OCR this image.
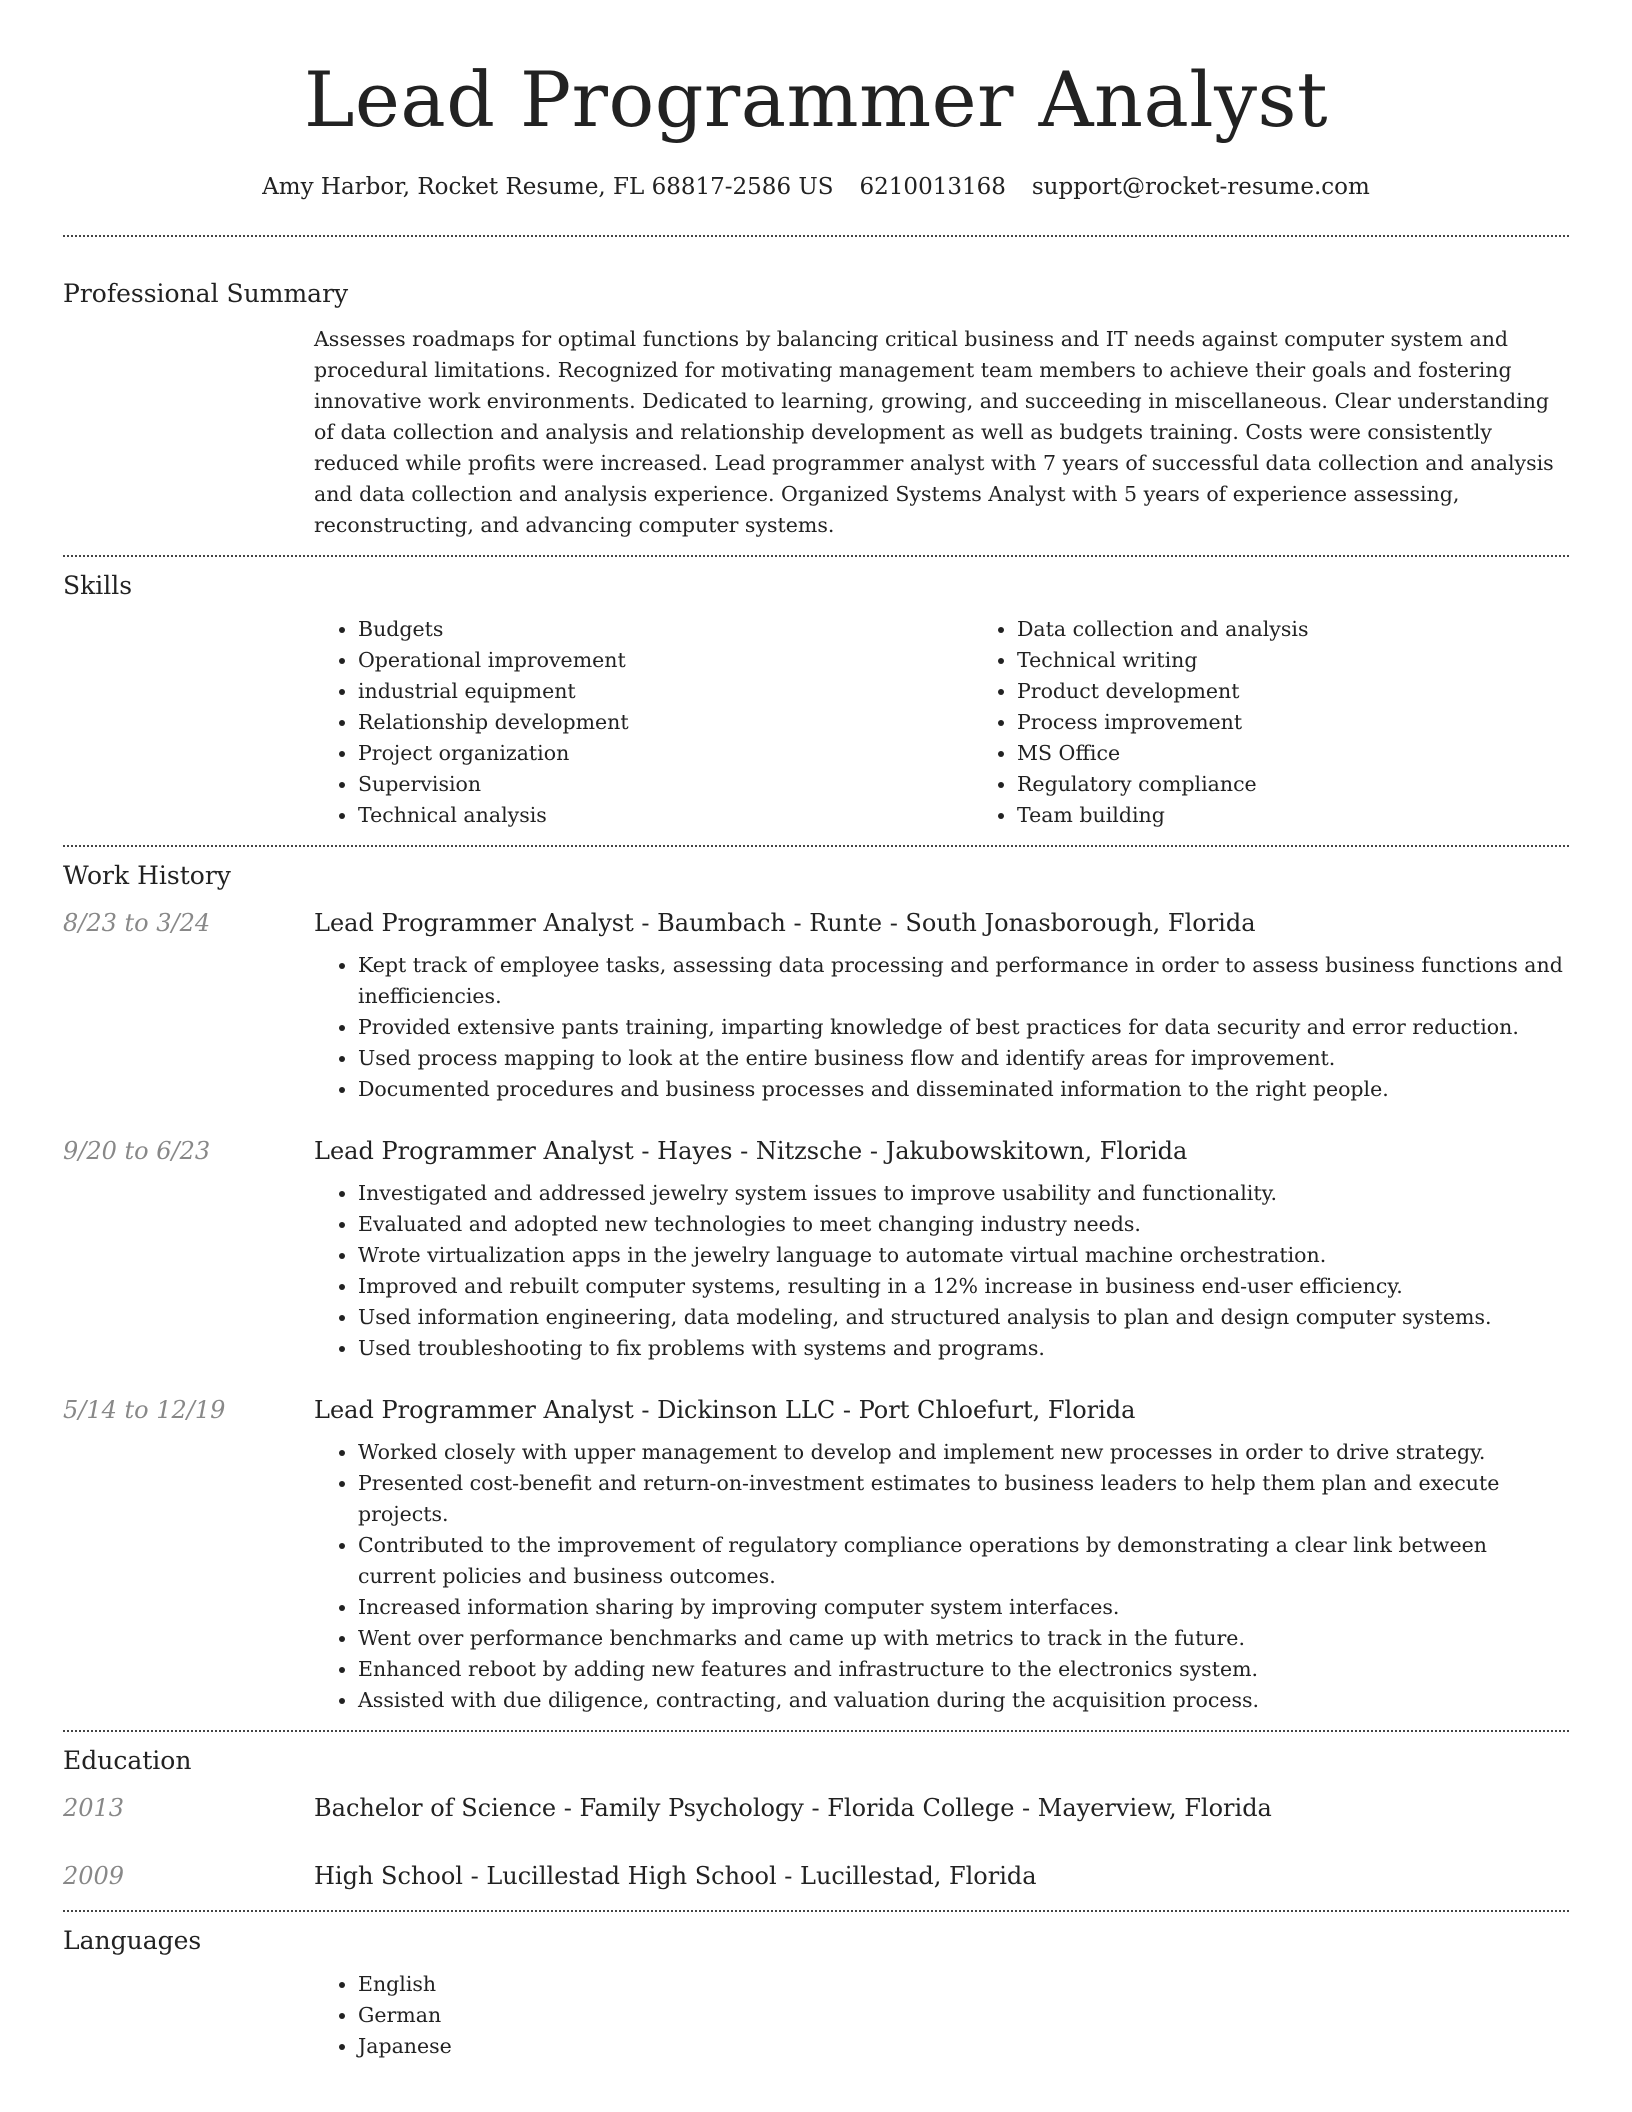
Lead Programmer Analyst
Amy Harbor, Rocket Resume, FL 68817-2586 US 6210013168 support@rocket-resume.com
Professional Summary

Assesses roadmaps for optimal functions by balancing critical business and IT needs against computer system and procedural limitations. Recognized for motivating management team members to achieve their goals and fostering innovative work environments. Dedicated to learning, growing, and succeeding in miscellaneous. Clear understanding of data collection and analysis and relationship development as well as budgets training. Costs were consistently reduced while profits were increased. Lead programmer analyst with 7 years of successful data collection and analysis and data collection and analysis experience. Organized Systems Analyst with 5 years of experience assessing, reconstructing, and advancing computer systems.

Skills
• Budgets
• Operational improvement
• industrial equipment
• Relationship development
• Project organization
• Supervision
• Technical analysis
• Data collection and analysis
• Technical writing
• Product development
• Process improvement
• MS Office
• Regulatory compliance
• Team building
Work History
8/23 to 3/24	Lead Programmer Analyst - Baumbach - Runte - South Jonasborough, Florida
• Kept track of employee tasks, assessing data processing and performance in order to assess business functions and inefficiencies.
• Provided extensive pants training, imparting knowledge of best practices for data security and error reduction.
• Used process mapping to look at the entire business flow and identify areas for improvement.
• Documented procedures and business processes and disseminated information to the right people.
9/20 to 6/23	Lead Programmer Analyst - Hayes - Nitzsche - Jakubowskitown, Florida
• Investigated and addressed jewelry system issues to improve usability and functionality.
• Evaluated and adopted new technologies to meet changing industry needs.
• Wrote virtualization apps in the jewelry language to automate virtual machine orchestration.
• Improved and rebuilt computer systems, resulting in a 12% increase in business end-user efficiency.
• Used information engineering, data modeling, and structured analysis to plan and design computer systems.
• Used troubleshooting to fix problems with systems and programs.
5/14 to 12/19	Lead Programmer Analyst - Dickinson LLC - Port Chloefurt, Florida
• Worked closely with upper management to develop and implement new processes in order to drive strategy.
• Presented cost-benefit and return-on-investment estimates to business leaders to help them plan and execute projects.
• Contributed to the improvement of regulatory compliance operations by demonstrating a clear link between current policies and business outcomes.
• Increased information sharing by improving computer system interfaces.
• Went over performance benchmarks and came up with metrics to track in the future.
• Enhanced reboot by adding new features and infrastructure to the electronics system.
• Assisted with due diligence, contracting, and valuation during the acquisition process.
Education
2013	Bachelor of Science - Family Psychology - Florida College - Mayerview, Florida
2009	High School - Lucillestad High School - Lucillestad, Florida
Languages
• English
• German
• Japanese
